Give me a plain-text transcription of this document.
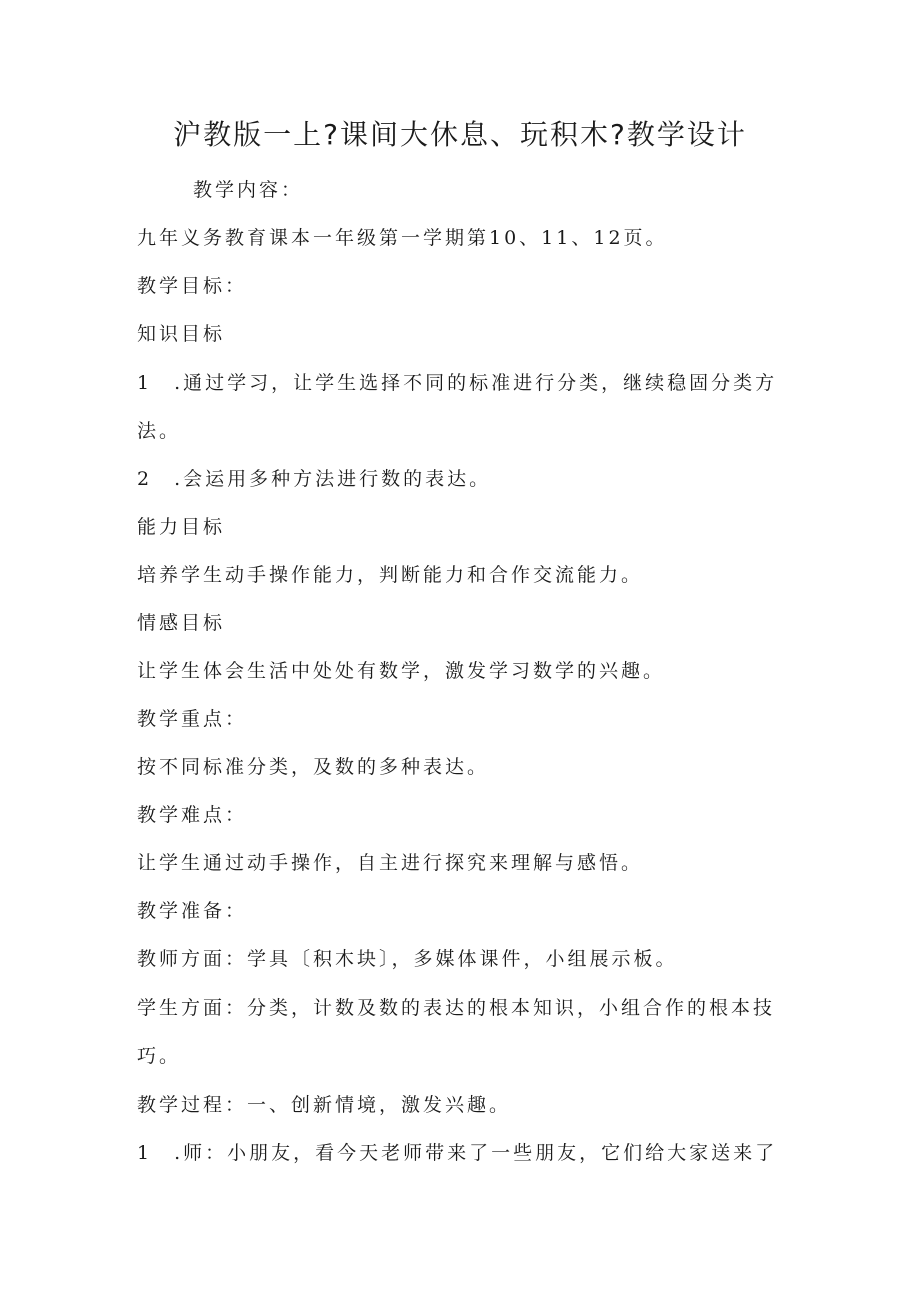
沪教版一上?课间大休息、玩积木?教学设计
教学内容：
九年义务教育课本一年级第一学期第10、11、12页。
教学目标：
知识目标
1　.通过学习，让学生选择不同的标准进行分类，继续稳固分类方
法。
2　.会运用多种方法进行数的表达。
能力目标
培养学生动手操作能力，判断能力和合作交流能力。
情感目标
让学生体会生活中处处有数学，激发学习数学的兴趣。
教学重点：
按不同标准分类，及数的多种表达。
教学难点：
让学生通过动手操作，自主进行探究来理解与感悟。
教学准备：
教师方面：学具〔积木块〕，多媒体课件，小组展示板。
学生方面：分类，计数及数的表达的根本知识，小组合作的根本技
巧。
教学过程：一、创新情境，激发兴趣。
1　.师：小朋友，看今天老师带来了一些朋友，它们给大家送来了
